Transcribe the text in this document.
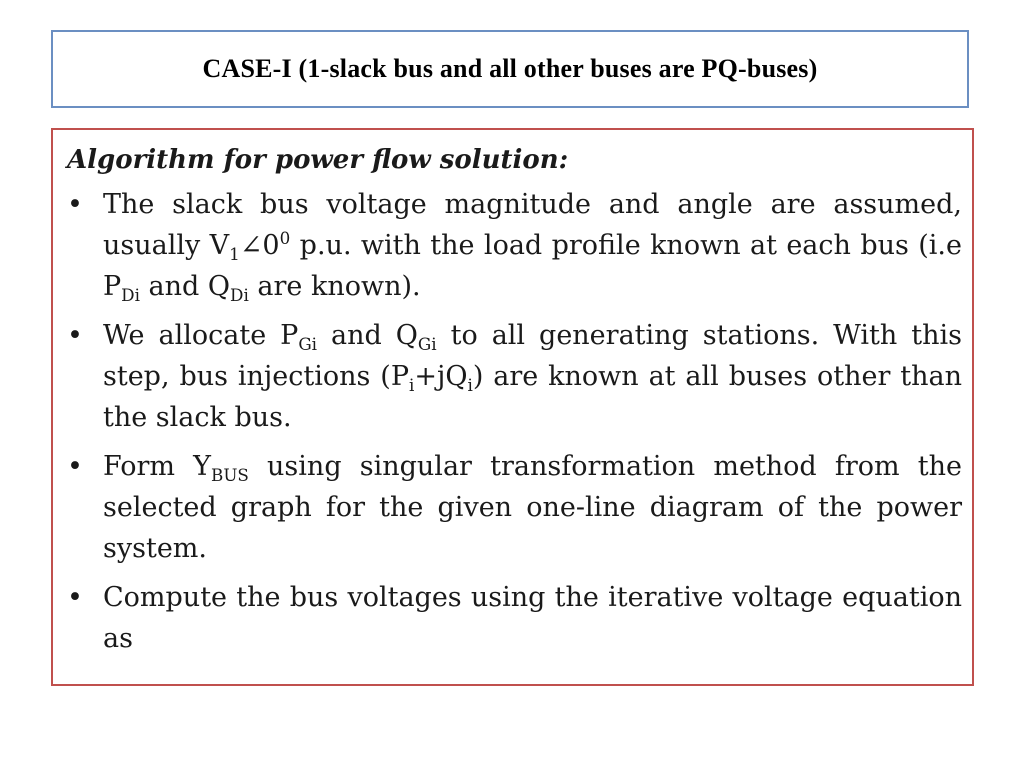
CASE-I (1-slack bus and all other buses are PQ-buses)
Algorithm for power flow solution:
• The slack bus voltage magnitude and angle are assumed, usually $V_1\angle 0^0$ p.u. with the load profile known at each bus (i.e $P_{Di}$ and $Q_{Di}$ are known).
• We allocate $P_{Gi}$ and $Q_{Gi}$ to all generating stations. With this step, bus injections $(P_i+jQ_i)$ are known at all buses other than the slack bus.
• Form $Y_{BUS}$ using singular transformation method from the selected graph for the given one-line diagram of the power system.
• Compute the bus voltages using the iterative voltage equation as
